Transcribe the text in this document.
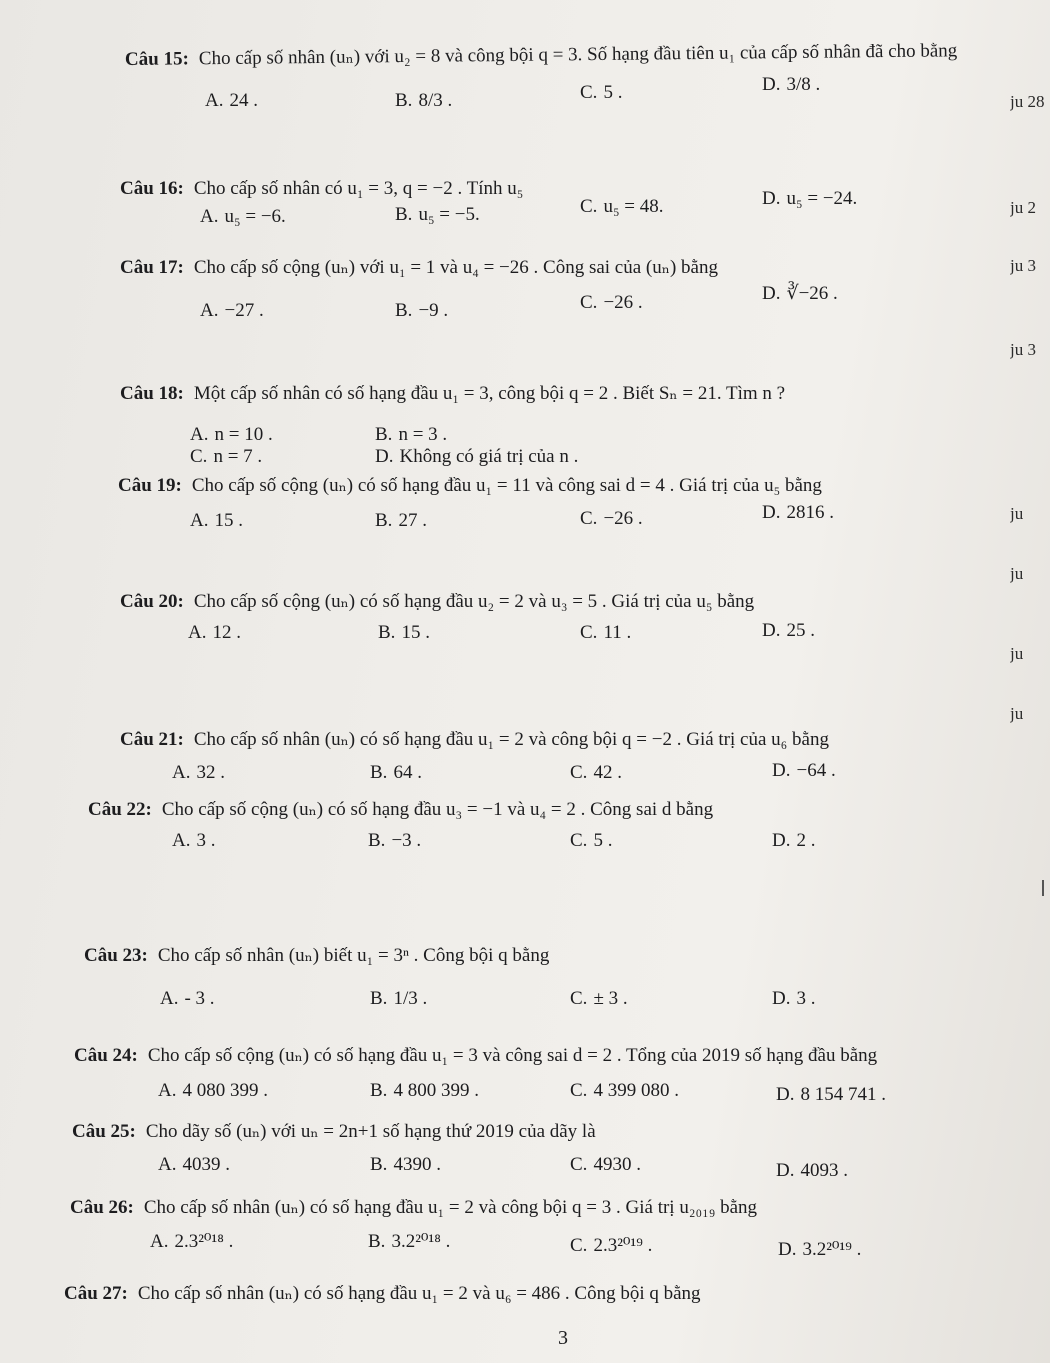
Câu 15: Cho cấp số nhân (uₙ) với u₂ = 8 và công bội q = 3. Số hạng đầu tiên u₁ của cấp số nhân đã cho bằng
A. 24 .	B. 8/3 .	C. 5 .	D. 3/8 .
Câu 16: Cho cấp số nhân có u₁ = 3, q = −2 . Tính u₅
A. u₅ = −6.	B. u₅ = −5.	C. u₅ = 48.	D. u₅ = −24.
Câu 17: Cho cấp số cộng (uₙ) với u₁ = 1 và u₄ = −26 . Công sai của (uₙ) bằng
A. −27 .	B. −9 .	C. −26 .	D. ∛−26 .
Câu 18: Một cấp số nhân có số hạng đầu u₁ = 3, công bội q = 2 . Biết Sₙ = 21. Tìm n ?
A. n = 10 .	B. n = 3 .
C. n = 7 .	D. Không có giá trị của n .
Câu 19: Cho cấp số cộng (uₙ) có số hạng đầu u₁ = 11 và công sai d = 4 . Giá trị của u₅ bằng
A. 15 .	B. 27 .	C. −26 .	D. 2816 .
Câu 20: Cho cấp số cộng (uₙ) có số hạng đầu u₂ = 2 và u₃ = 5 . Giá trị của u₅ bằng
A. 12 .	B. 15 .	C. 11 .	D. 25 .
Câu 21: Cho cấp số nhân (uₙ) có số hạng đầu u₁ = 2 và công bội q = −2 . Giá trị của u₆ bằng
A. 32 .	B. 64 .	C. 42 .	D. −64 .
Câu 22: Cho cấp số cộng (uₙ) có số hạng đầu u₃ = −1 và u₄ = 2 . Công sai d bằng
A. 3 .	B. −3 .	C. 5 .	D. 2 .
Câu 23: Cho cấp số nhân (uₙ) biết u₁ = 3ⁿ . Công bội q bằng
A. - 3 .	B. 1/3 .	C. ± 3 .	D. 3 .
Câu 24: Cho cấp số cộng (uₙ) có số hạng đầu u₁ = 3 và công sai d = 2 . Tổng của 2019 số hạng đầu bằng
A. 4 080 399 .	B. 4 800 399 .	C. 4 399 080 .	D. 8 154 741 .
Câu 25: Cho dãy số (uₙ) với uₙ = 2n+1 số hạng thứ 2019 của dãy là
A. 4039 .	B. 4390 .	C. 4930 .	D. 4093 .
Câu 26: Cho cấp số nhân (uₙ) có số hạng đầu u₁ = 2 và công bội q = 3 . Giá trị u₂₀₁₉ bằng
A. 2.3²⁰¹⁸ .	B. 3.2²⁰¹⁸ .	C. 2.3²⁰¹⁹ .	D. 3.2²⁰¹⁹ .
Câu 27: Cho cấp số nhân (uₙ) có số hạng đầu u₁ = 2 và u₆ = 486 . Công bội q bằng
ju 28
ju 2
ju 3
ju 3
ju
ju
ju
ju
3
